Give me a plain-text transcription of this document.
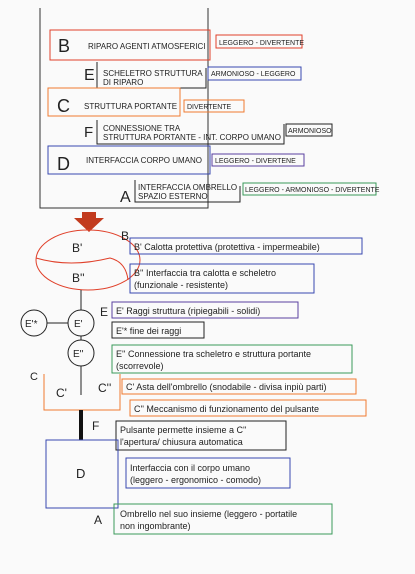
B RIPARO AGENTI ATMOSFERICI LEGGERO - DIVERTENTE
E SCHELETRO STRUTTURA
DI RIPARO
ARMONIOSO - LEGGERO
C STRUTTURA PORTANTE DIVERTENTE
F CONNESSIONE TRA
STRUTTURA PORTANTE - INT. CORPO UMANO
ARMONIOSO
D INTERFACCIA CORPO UMANO LEGGERO - DIVERTENE
A
INTERFACCIA OMBRELLO
SPAZIO ESTERNO
LEGGERO - ARMONIOSO - DIVERTENTE
B'
B''
B
B' Calotta protettiva (protettiva - impermeabile)
B'' Interfaccia tra calotta e scheletro
(funzionale - resistente)
E'*	E'
E E' Raggi struttura (ripiegabili - solidi)
E'* fine dei raggi
E''	E'' Connessione tra scheletro e struttura portante
(scorrevole)
C
C'	C'' C' Asta dell'ombrello (snodabile - divisa inpiù parti)
C'' Meccanismo di funzionamento del pulsante
F Pulsante permette insieme a C''
l'apertura/ chiusura automatica
D	Interfaccia con il corpo umano
(leggero - ergonomico - comodo)
A Ombrello nel suo insieme (leggero - portatile
non ingombrante)
